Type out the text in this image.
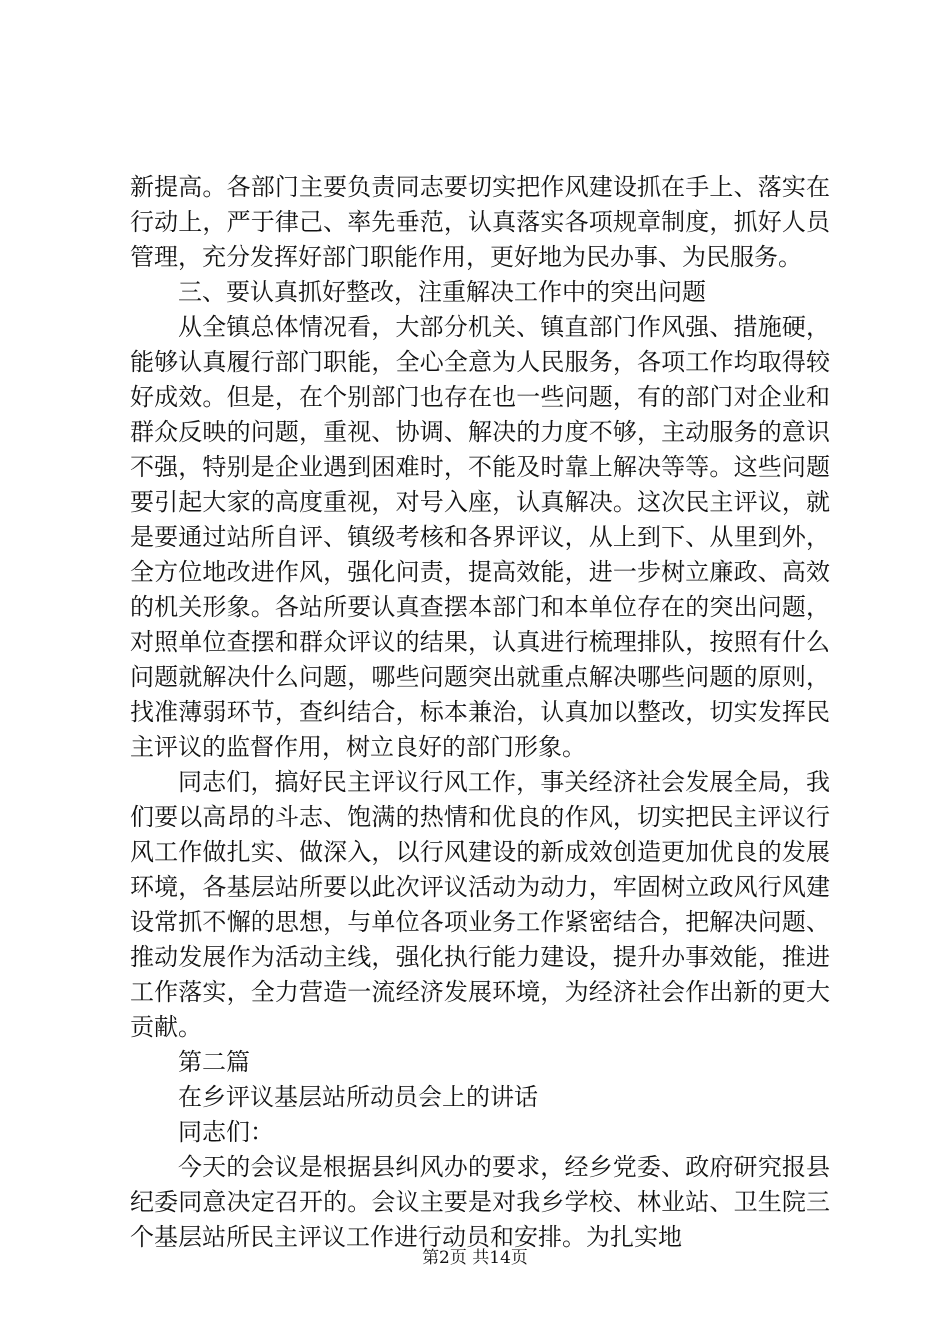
新提高。各部门主要负责同志要切实把作风建设抓在手上、落实在行动上，严于律己、率先垂范，认真落实各项规章制度，抓好人员管理，充分发挥好部门职能作用，更好地为民办事、为民服务。

三、要认真抓好整改，注重解决工作中的突出问题

从全镇总体情况看，大部分机关、镇直部门作风强、措施硬，能够认真履行部门职能，全心全意为人民服务，各项工作均取得较好成效。但是，在个别部门也存在也一些问题，有的部门对企业和群众反映的问题，重视、协调、解决的力度不够，主动服务的意识不强，特别是企业遇到困难时，不能及时靠上解决等等。这些问题要引起大家的高度重视，对号入座，认真解决。这次民主评议，就是要通过站所自评、镇级考核和各界评议，从上到下、从里到外，全方位地改进作风，强化问责，提高效能，进一步树立廉政、高效的机关形象。各站所要认真查摆本部门和本单位存在的突出问题，对照单位查摆和群众评议的结果，认真进行梳理排队，按照有什么问题就解决什么问题，哪些问题突出就重点解决哪些问题的原则，找准薄弱环节，查纠结合，标本兼治，认真加以整改，切实发挥民主评议的监督作用，树立良好的部门形象。

同志们，搞好民主评议行风工作，事关经济社会发展全局，我们要以高昂的斗志、饱满的热情和优良的作风，切实把民主评议行风工作做扎实、做深入，以行风建设的新成效创造更加优良的发展环境，各基层站所要以此次评议活动为动力，牢固树立政风行风建设常抓不懈的思想，与单位各项业务工作紧密结合，把解决问题、推动发展作为活动主线，强化执行能力建设，提升办事效能，推进工作落实，全力营造一流经济发展环境，为经济社会作出新的更大贡献。

第二篇

在乡评议基层站所动员会上的讲话

同志们：

今天的会议是根据县纠风办的要求，经乡党委、政府研究报县纪委同意决定召开的。会议主要是对我乡学校、林业站、卫生院三个基层站所民主评议工作进行动员和安排。为扎实地

第2页 共14页
